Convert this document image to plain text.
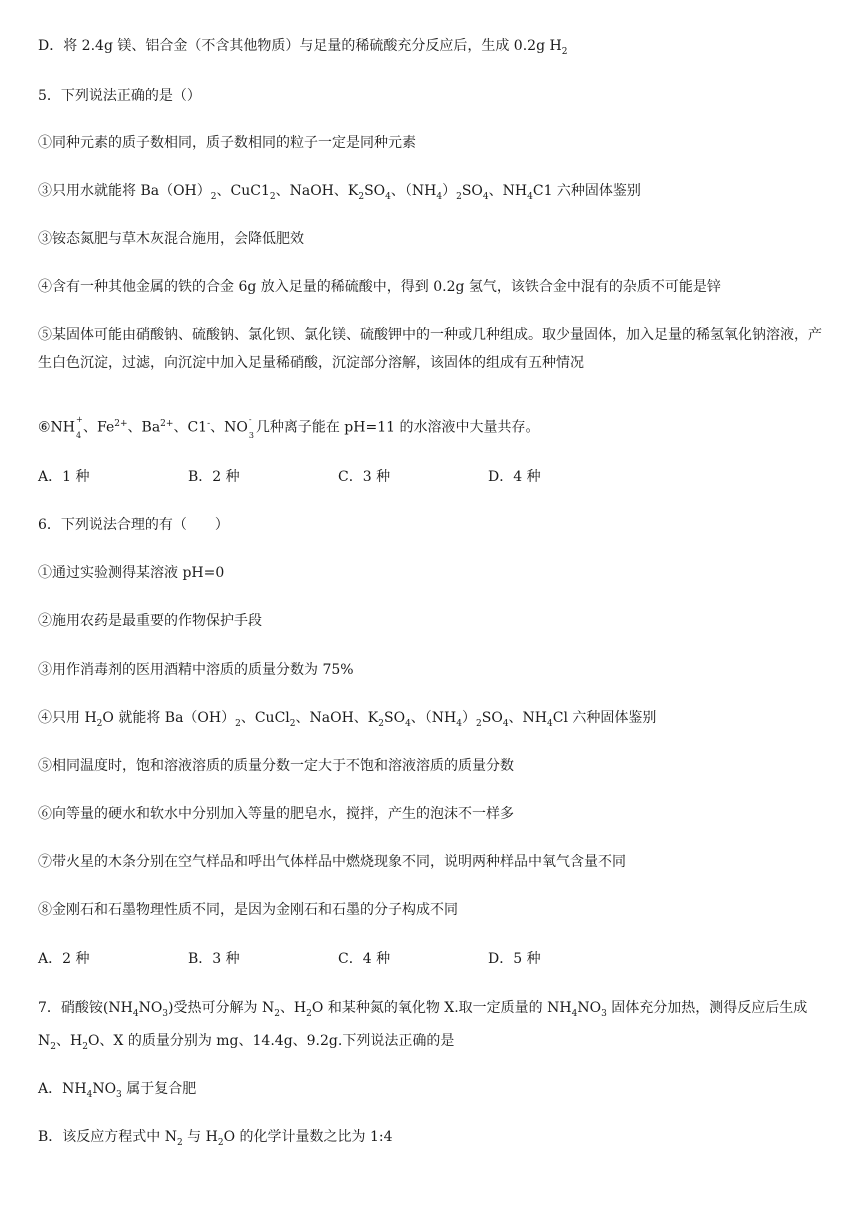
D．将 2.4g 镁、铝合金（不含其他物质）与足量的稀硫酸充分反应后，生成 0.2g $H_2$
5．下列说法正确的是（）
①同种元素的质子数相同，质子数相同的粒子一定是同种元素
③只用水就能将 $Ba(OH)_2$、$CuC1_2$、NaOH、$K_2SO_4$、$(NH_4)_2SO_4$、$NH_4C1$ 六种固体鉴别
③铵态氮肥与草木灰混合施用，会降低肥效
④含有一种其他金属的铁的合金 6g 放入足量的稀硫酸中，得到 0.2g 氢气，该铁合金中混有的杂质不可能是锌
⑤某固体可能由硝酸钠、硫酸钠、氯化钡、氯化镁、硫酸钾中的一种或几种组成。取少量固体，加入足量的稀氢氧化钠溶液，产生白色沉淀，过滤，向沉淀中加入足量稀硝酸，沉淀部分溶解，该固体的组成有五种情况
⑥NH
+
4 、$Fe^{2+}$、$Ba^{2+}$、C1-、NO
-
3 几种离子能在 pH=11 的水溶液中大量共存。
A．1 种	B．2 种	C．3 种	D．4 种
6．下列说法合理的有（　　）
①通过实验测得某溶液 pH=0
②施用农药是最重要的作物保护手段
③用作消毒剂的医用酒精中溶质的质量分数为 75%
④只用 $H_2O$ 就能将 $Ba(OH)_2$、CuCl$_2$、NaOH、$K_2SO_4$、$(NH_4)_2SO_4$、$NH_4Cl$ 六种固体鉴别
⑤相同温度时，饱和溶液溶质的质量分数一定大于不饱和溶液溶质的质量分数
⑥向等量的硬水和软水中分别加入等量的肥皂水，搅拌，产生的泡沫不一样多
⑦带火星的木条分别在空气样品和呼出气体样品中燃烧现象不同，说明两种样品中氧气含量不同
⑧金刚石和石墨物理性质不同，是因为金刚石和石墨的分子构成不同
A．2 种	B．3 种	C．4 种	D．5 种
7．硝酸铵$(NH_4NO_3)$受热可分解为 $N_2$、$H_2O$ 和某种氮的氧化物 X.取一定质量的 $NH_4NO_3$ 固体充分加热，测得反应后生成
$N_2$、$H_2O$、X 的质量分别为 mg、14.4g、9.2g.下列说法正确的是
A．$NH_4NO_3$ 属于复合肥
B．该反应方程式中 $N_2$ 与 $H_2O$ 的化学计量数之比为 1:4
